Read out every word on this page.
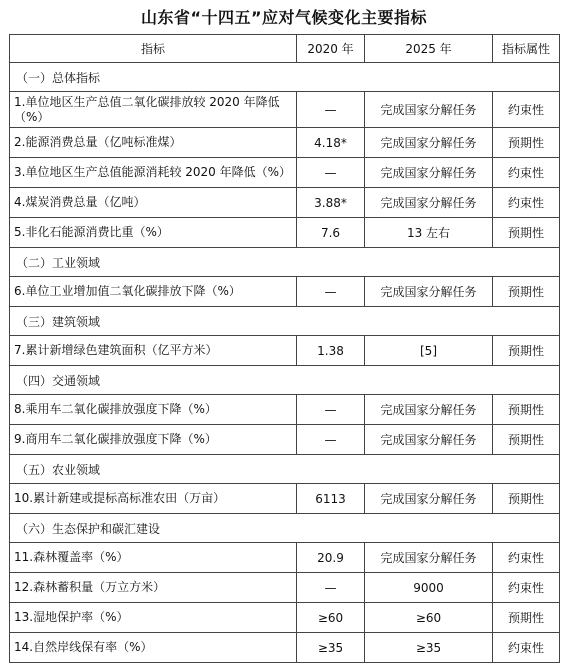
山东省“十四五”应对气候变化主要指标
指标	2020 年	2025 年	指标属性
（一）总体指标			
1.单位地区生产总值二氧化碳排放较 2020 年降低（%）	—	完成国家分解任务	约束性
2.能源消费总量（亿吨标准煤）	4.18*	完成国家分解任务	预期性
3.单位地区生产总值能源消耗较 2020 年降低（%）	—	完成国家分解任务	约束性
4.煤炭消费总量（亿吨）	3.88*	完成国家分解任务	约束性
5.非化石能源消费比重（%）	7.6	13 左右	预期性
（二）工业领域			
6.单位工业增加值二氧化碳排放下降（%）	—	完成国家分解任务	预期性
（三）建筑领域			
7.累计新增绿色建筑面积（亿平方米）	1.38	[5]	预期性
（四）交通领域			
8.乘用车二氧化碳排放强度下降（%）	—	完成国家分解任务	预期性
9.商用车二氧化碳排放强度下降（%）	—	完成国家分解任务	预期性
（五）农业领域			
10.累计新建或提标高标准农田（万亩）	6113	完成国家分解任务	预期性
（六）生态保护和碳汇建设			
11.森林覆盖率（%）	20.9	完成国家分解任务	约束性
12.森林蓄积量（万立方米）	—	9000	约束性
13.湿地保护率（%）	≥60	≥60	预期性
14.自然岸线保有率（%）	≥35	≥35	约束性
